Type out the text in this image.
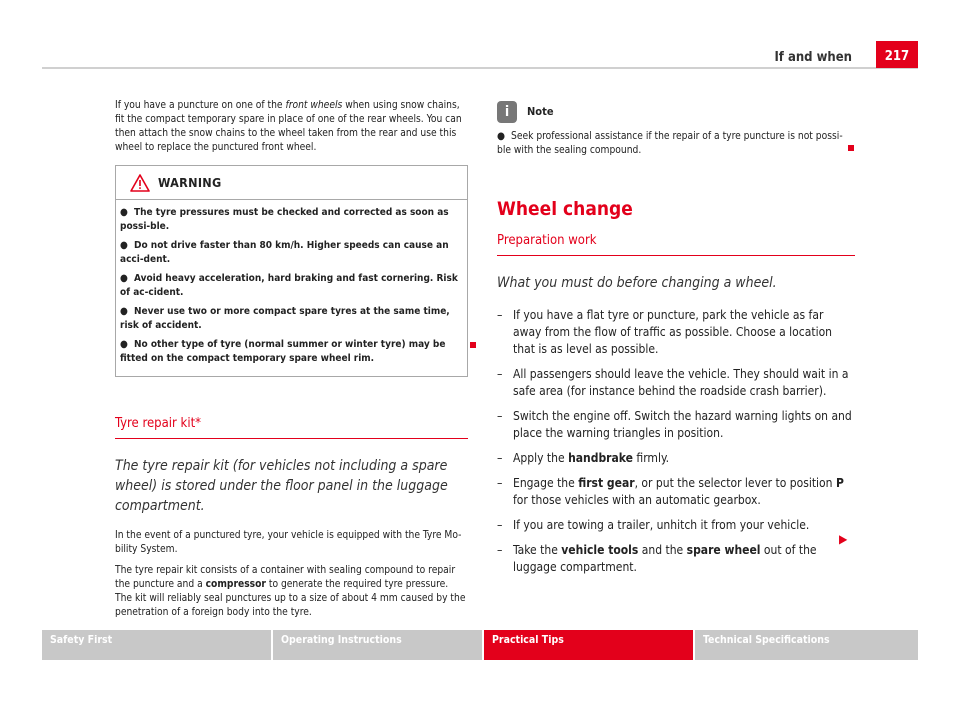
If and when	217

If you have a puncture on one of the front wheels when using snow chains, fit the compact temporary spare in place of one of the rear wheels. You can then attach the snow chains to the wheel taken from the rear and use this wheel to replace the punctured front wheel.

WARNING
● The tyre pressures must be checked and corrected as soon as possi-ble.
● Do not drive faster than 80 km/h. Higher speeds can cause an acci-dent.
● Avoid heavy acceleration, hard braking and fast cornering. Risk of ac-cident.
● Never use two or more compact spare tyres at the same time, risk of accident.
● No other type of tyre (normal summer or winter tyre) may be fitted on the compact temporary spare wheel rim.
Tyre repair kit*
The tyre repair kit (for vehicles not including a spare wheel) is stored under the floor panel in the luggage compartment.

In the event of a punctured tyre, your vehicle is equipped with the Tyre Mo-bility System.

The tyre repair kit consists of a container with sealing compound to repair the puncture and a compressor to generate the required tyre pressure. The kit will reliably seal punctures up to a size of about 4 mm caused by the penetration of a foreign body into the tyre.

i	Note
● Seek professional assistance if the repair of a tyre puncture is not possi-ble with the sealing compound.
Wheel change
Preparation work
What you must do before changing a wheel.
– If you have a flat tyre or puncture, park the vehicle as far away from the flow of traffic as possible. Choose a location that is as level as possible.
– All passengers should leave the vehicle. They should wait in a safe area (for instance behind the roadside crash barrier).
– Switch the engine off. Switch the hazard warning lights on and place the warning triangles in position.
– Apply the handbrake firmly.
– Engage the first gear, or put the selector lever to position P for those vehicles with an automatic gearbox.
– If you are towing a trailer, unhitch it from your vehicle.
– Take the vehicle tools and the spare wheel out of the luggage compartment.
▶
Safety First	Operating Instructions	Practical Tips	Technical Specifications
